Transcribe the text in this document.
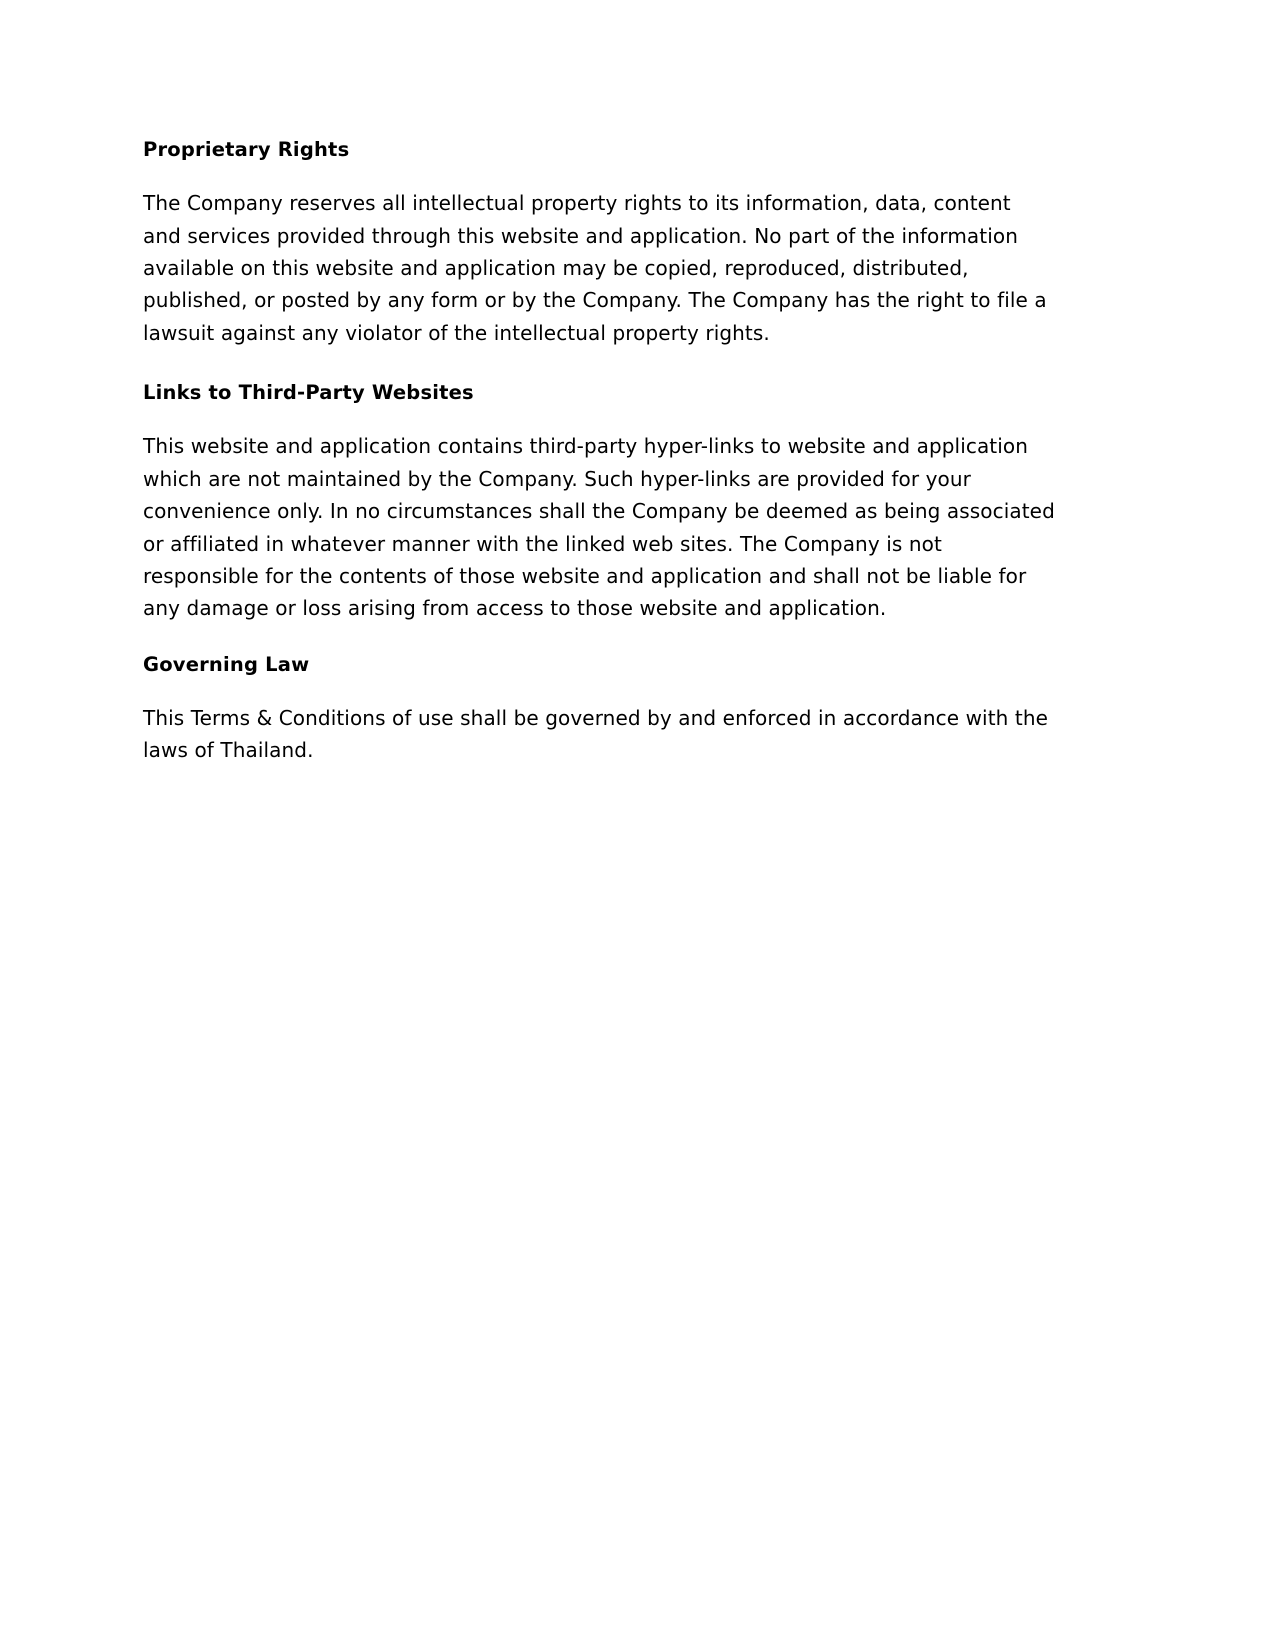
Proprietary Rights

The Company reserves all intellectual property rights to its information, data, content and services provided through this website and application. No part of the information available on this website and application may be copied, reproduced, distributed, published, or posted by any form or by the Company. The Company has the right to file a lawsuit against any violator of the intellectual property rights.

Links to Third-Party Websites

This website and application contains third-party hyper-links to website and application which are not maintained by the Company. Such hyper-links are provided for your convenience only. In no circumstances shall the Company be deemed as being associated or affiliated in whatever manner with the linked web sites. The Company is not responsible for the contents of those website and application and shall not be liable for any damage or loss arising from access to those website and application.

Governing Law

This Terms & Conditions of use shall be governed by and enforced in accordance with the laws of Thailand.
